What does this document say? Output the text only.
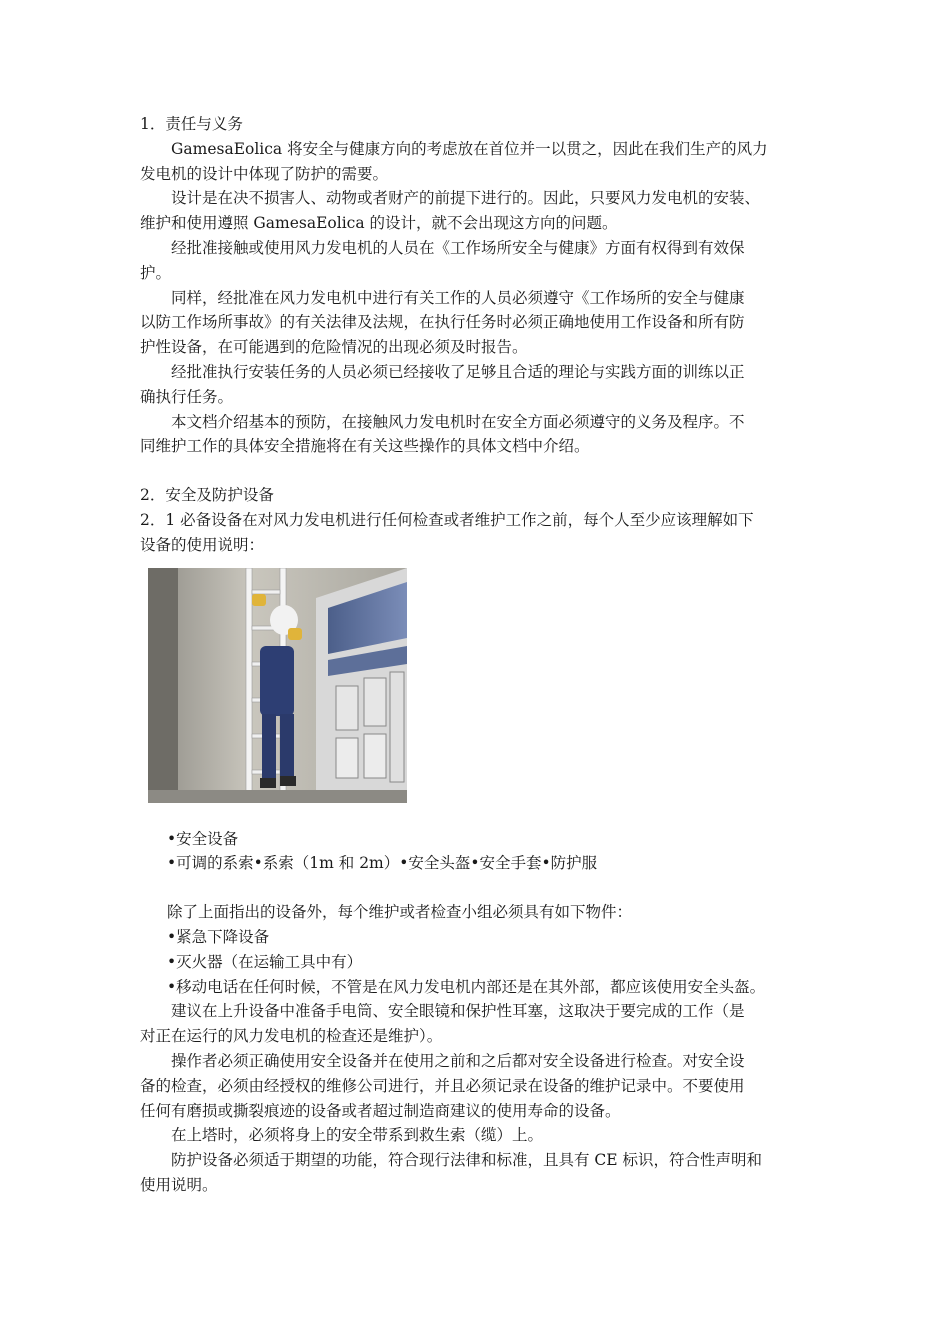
1．责任与义务
GamesaEolica 将安全与健康方向的考虑放在首位并一以贯之，因此在我们生产的风力
发电机的设计中体现了防护的需要。
设计是在决不损害人、动物或者财产的前提下进行的。因此，只要风力发电机的安装、
维护和使用遵照 GamesaEolica 的设计，就不会出现这方向的问题。
经批准接触或使用风力发电机的人员在《工作场所安全与健康》方面有权得到有效保
护。
同样，经批准在风力发电机中进行有关工作的人员必须遵守《工作场所的安全与健康
以防工作场所事故》的有关法律及法规，在执行任务时必须正确地使用工作设备和所有防
护性设备，在可能遇到的危险情况的出现必须及时报告。
经批准执行安装任务的人员必须已经接收了足够且合适的理论与实践方面的训练以正
确执行任务。
本文档介绍基本的预防，在接触风力发电机时在安全方面必须遵守的义务及程序。不
同维护工作的具体安全措施将在有关这些操作的具体文档中介绍。
2．安全及防护设备
2．1 必备设备在对风力发电机进行任何检查或者维护工作之前，每个人至少应该理解如下
设备的使用说明：
•安全设备
•可调的系索•系索（1m 和 2m）•安全头盔•安全手套•防护服
除了上面指出的设备外，每个维护或者检查小组必须具有如下物件：
•紧急下降设备
•灭火器（在运输工具中有）
•移动电话在任何时候，不管是在风力发电机内部还是在其外部，都应该使用安全头盔。
建议在上升设备中准备手电筒、安全眼镜和保护性耳塞，这取决于要完成的工作（是
对正在运行的风力发电机的检查还是维护）。
操作者必须正确使用安全设备并在使用之前和之后都对安全设备进行检查。对安全设
备的检查，必须由经授权的维修公司进行，并且必须记录在设备的维护记录中。不要使用
任何有磨损或撕裂痕迹的设备或者超过制造商建议的使用寿命的设备。
在上塔时，必须将身上的安全带系到救生索（缆）上。
防护设备必须适于期望的功能，符合现行法律和标准，且具有 CE 标识，符合性声明和
使用说明。
